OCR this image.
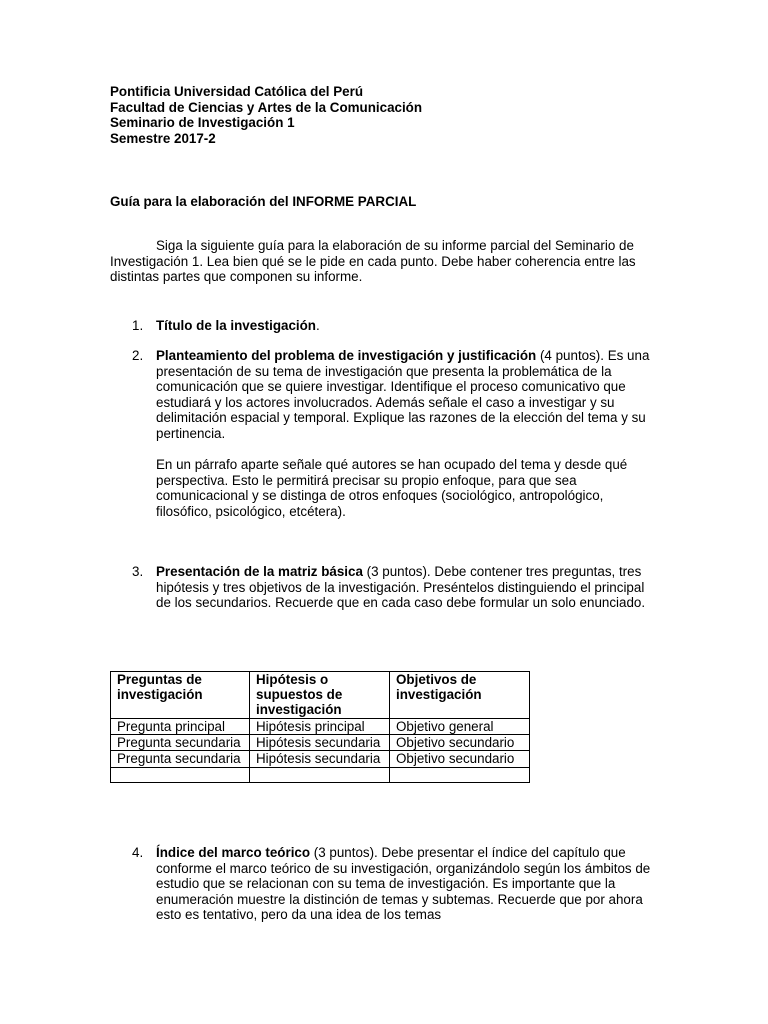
Pontificia Universidad Católica del Perú
Facultad de Ciencias y Artes de la Comunicación
Seminario de Investigación 1
Semestre 2017-2
Guía para la elaboración del INFORME PARCIAL
Siga la siguiente guía para la elaboración de su informe parcial del Seminario de Investigación 1. Lea bien qué se le pide en cada punto. Debe haber coherencia entre las distintas partes que componen su informe.
1. Título de la investigación.

2. Planteamiento del problema de investigación y justificación (4 puntos). Es una presentación de su tema de investigación que presenta la problemática de la comunicación que se quiere investigar. Identifique el proceso comunicativo que estudiará y los actores involucrados. Además señale el caso a investigar y su delimitación espacial y temporal. Explique las razones de la elección del tema y su pertinencia.

En un párrafo aparte señale qué autores se han ocupado del tema y desde qué perspectiva. Esto le permitirá precisar su propio enfoque, para que sea comunicacional y se distinga de otros enfoques (sociológico, antropológico, filosófico, psicológico, etcétera).

3. Presentación de la matriz básica (3 puntos). Debe contener tres preguntas, tres hipótesis y tres objetivos de la investigación. Preséntelos distinguiendo el principal de los secundarios. Recuerde que en cada caso debe formular un solo enunciado.

Preguntas de investigación	Hipótesis o supuestos de investigación	Objetivos de investigación
Pregunta principal	Hipótesis principal	Objetivo general
Pregunta secundaria	Hipótesis secundaria	Objetivo secundario
Pregunta secundaria	Hipótesis secundaria	Objetivo secundario

4. Índice del marco teórico (3 puntos). Debe presentar el índice del capítulo que conforme el marco teórico de su investigación, organizándolo según los ámbitos de estudio que se relacionan con su tema de investigación. Es importante que la enumeración muestre la distinción de temas y subtemas. Recuerde que por ahora esto es tentativo, pero da una idea de los temas
